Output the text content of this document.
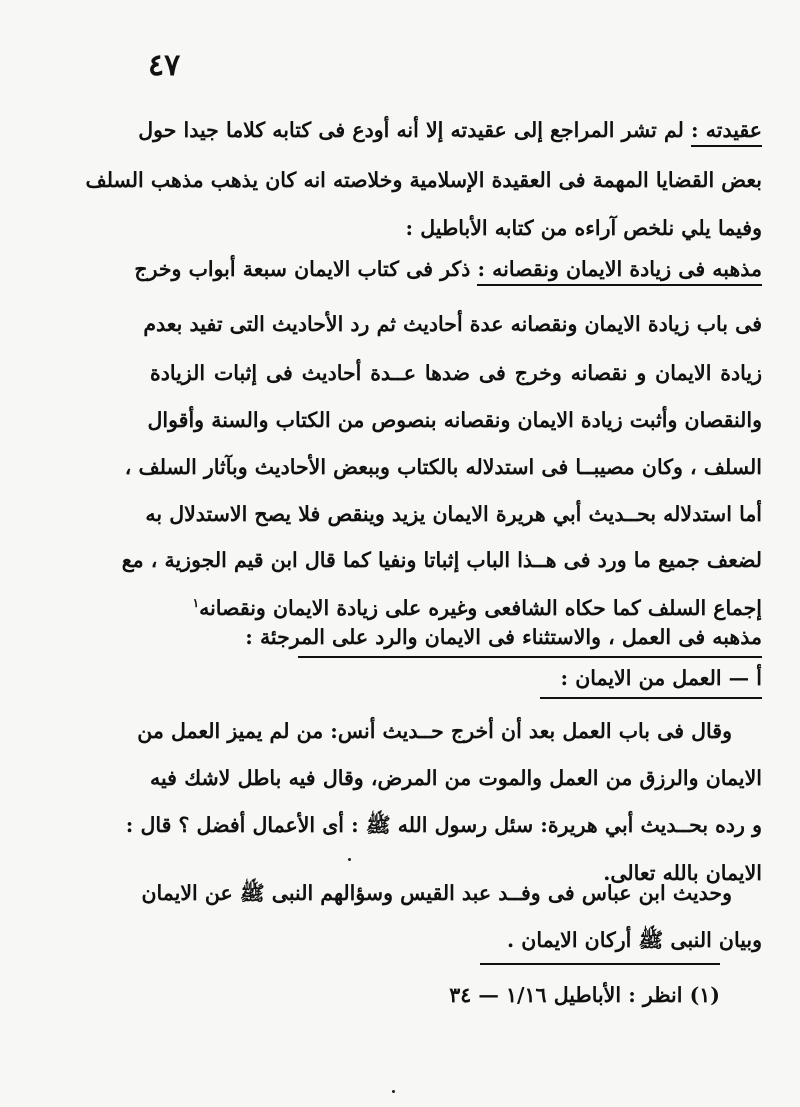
٤٧
عقيدته : لم تشر المراجع إلى عقيدته إلا أنه أودع فى كتابه كلاما جيدا حول
بعض القضايا المهمة فى العقيدة الإسلامية وخلاصته انه كان يذهب مذهب السلف
وفيما يلي نلخص آراءه من كتابه الأباطيل :
مذهبه فى زيادة الايمان ونقصانه : ذكر فى كتاب الايمان سبعة أبواب وخرج
فى باب زيادة الايمان ونقصانه عدة أحاديث ثم رد الأحاديث التى تفيد بعدم
زيادة الايمان و نقصانه وخرج فى ضدها عــدة أحاديث فى إثبات الزيادة
والنقصان وأثبت زيادة الايمان ونقصانه بنصوص من الكتاب والسنة وأقوال
السلف ، وكان مصيبــا فى استدلاله بالكتاب وببعض الأحاديث وبآثار السلف ،
أما استدلاله بحــديث أبي هريرة الايمان يزيد وينقص فلا يصح الاستدلال به
لضعف جميع ما ورد فى هــذا الباب إثباتا ونفيا كما قال ابن قيم الجوزية ، مع
إجماع السلف كما حكاه الشافعى وغيره على زيادة الايمان ونقصانه$^١$
مذهبه فى العمل ، والاستثناء فى الايمان والرد على المرجئة :
أ — العمل من الايمان :
وقال فى باب العمل بعد أن أخرج حــديث أنس: من لم يميز العمل من
الايمان والرزق من العمل والموت من المرض، وقال فيه باطل لاشك فيه
و رده بحــديث أبي هريرة: سئل رسول الله ﷺ : أى الأعمال أفضل ؟ قال :
الايمان بالله تعالى.
وحديث ابن عباس فى وفــد عبد القيس وسؤالهم النبى ﷺ عن الايمان
وبيان النبى ﷺ أركان الايمان .
(١) انظر : الأباطيل ١/١٦ — ٣٤
